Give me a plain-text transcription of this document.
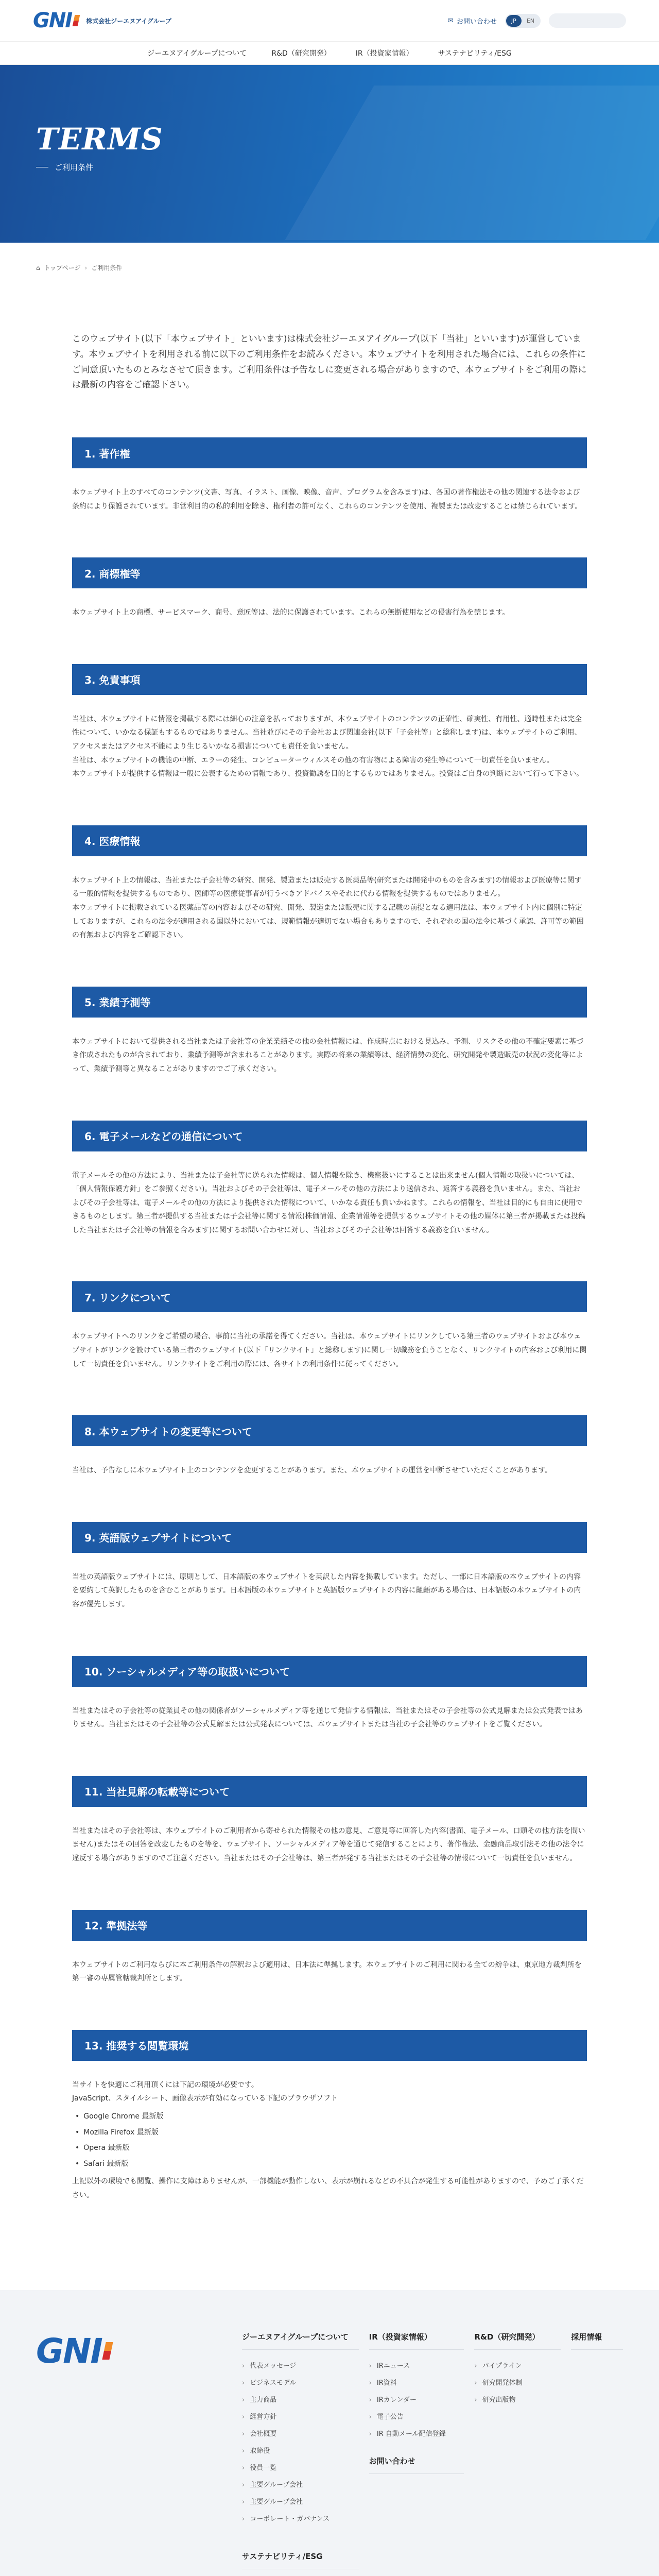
GNI 株式会社ジーエヌアイグループ	✉ お問い合わせ	JP	EN
ジーエヌアイグループについて	R&D（研究開発）	IR（投資家情報）	サステナビリティ/ESG
TERMS
ご利用条件
⌂ トップページ › ご利用条件

このウェブサイト(以下「本ウェブサイト」といいます)は株式会社ジーエヌアイグループ(以下「当社」といいます)が運営しています。本ウェブサイトを利用される前に以下のご利用条件をお読みください。本ウェブサイトを利用された場合には、これらの条件にご同意頂いたものとみなさせて頂きます。ご利用条件は予告なしに変更される場合がありますので、本ウェブサイトをご利用の際には最新の内容をご確認下さい。

1. 著作権

本ウェブサイト上のすべてのコンテンツ(文書、写真、イラスト、画像、映像、音声、プログラムを含みます)は、各国の著作権法その他の関連する法令および条約により保護されています。非営利目的の私的利用を除き、権利者の許可なく、これらのコンテンツを使用、複製または改変することは禁じられています。

2. 商標権等

本ウェブサイト上の商標、サービスマーク、商号、意匠等は、法的に保護されています。これらの無断使用などの侵害行為を禁じます。

3. 免責事項

当社は、本ウェブサイトに情報を掲載する際には細心の注意を払っておりますが、本ウェブサイトのコンテンツの正確性、確実性、有用性、適時性または完全性について、いかなる保証もするものではありません。当社並びにその子会社および関連会社(以下「子会社等」と総称します)は、本ウェブサイトのご利用、アクセスまたはアクセス不能により生じるいかなる損害についても責任を負いません。

当社は、本ウェブサイトの機能の中断、エラーの発生、コンピューターウィルスその他の有害物による障害の発生等について一切責任を負いません。

本ウェブサイトが提供する情報は一般に公表するための情報であり、投資勧誘を目的とするものではありません。投資はご自身の判断において行って下さい。

4. 医療情報

本ウェブサイト上の情報は、当社または子会社等の研究、開発、製造または販売する医薬品等(研究または開発中のものを含みます)の情報および医療等に関する一般的情報を提供するものであり、医師等の医療従事者が行うべきアドバイスやそれに代わる情報を提供するものではありません。

本ウェブサイトに掲載されている医薬品等の内容およびその研究、開発、製造または販売に関する記載の前提となる適用法は、本ウェブサイト内に個別に特定しておりますが、これらの法令が適用される国以外においては、規範情報が適切でない場合もありますので、それぞれの国の法令に基づく承認、許可等の範囲の有無および内容をご確認下さい。

5. 業績予測等

本ウェブサイトにおいて提供される当社または子会社等の企業業績その他の会社情報には、作成時点における見込み、予測、リスクその他の不確定要素に基づき作成されたものが含まれており、業績予測等が含まれることがあります。実際の将来の業績等は、経済情勢の変化、研究開発や製造販売の状況の変化等によって、業績予測等と異なることがありますのでご了承ください。

6. 電子メールなどの通信について

電子メールその他の方法により、当社または子会社等に送られた情報は、個人情報を除き、機密扱いにすることは出来ません(個人情報の取扱いについては、「個人情報保護方針」をご参照ください)。当社およびその子会社等は、電子メールその他の方法により送信され、返答する義務を負いません。また、当社およびその子会社等は、電子メールその他の方法により提供された情報について、いかなる責任も負いかねます。これらの情報を、当社は目的にも自由に使用できるものとします。第三者が提供する当社または子会社等に関する情報(株価情報、企業情報等を提供するウェブサイトその他の媒体に第三者が掲載または投稿した当社または子会社等の情報を含みます)に関するお問い合わせに対し、当社およびその子会社等は回答する義務を負いません。

7. リンクについて

本ウェブサイトへのリンクをご希望の場合、事前に当社の承諾を得てください。当社は、本ウェブサイトにリンクしている第三者のウェブサイトおよび本ウェブサイトがリンクを設けている第三者のウェブサイト(以下「リンクサイト」と総称します)に関し一切職務を負うことなく、リンクサイトの内容および利用に関して一切責任を負いません。リンクサイトをご利用の際には、各サイトの利用条件に従ってください。

8. 本ウェブサイトの変更等について

当社は、予告なしに本ウェブサイト上のコンテンツを変更することがあります。また、本ウェブサイトの運営を中断させていただくことがあります。

9. 英語版ウェブサイトについて

当社の英語版ウェブサイトには、原則として、日本語版の本ウェブサイトを英訳した内容を掲載しています。ただし、一部に日本語版の本ウェブサイトの内容を要約して英訳したものを含むことがあります。日本語版の本ウェブサイトと英語版ウェブサイトの内容に齟齬がある場合は、日本語版の本ウェブサイトの内容が優先します。

10. ソーシャルメディア等の取扱いについて

当社またはその子会社等の従業員その他の関係者がソーシャルメディア等を通じて発信する情報は、当社またはその子会社等の公式見解または公式発表ではありません。当社またはその子会社等の公式見解または公式発表については、本ウェブサイトまたは当社の子会社等のウェブサイトをご覧ください。

11. 当社見解の転載等について

当社またはその子会社等は、本ウェブサイトのご利用者から寄せられた情報その他の意見、ご意見等に回答した内容(書面、電子メール、口頭その他方法を問いません)またはその回答を改変したものを等を、ウェブサイト、ソーシャルメディア等を通じて発信することにより、著作権法、金融商品取引法その他の法令に違反する場合がありますのでご注意ください。当社またはその子会社等は、第三者が発する当社またはその子会社等の情報について一切責任を負いません。

12. 準拠法等

本ウェブサイトのご利用ならびに本ご利用条件の解釈および適用は、日本法に準拠します。本ウェブサイトのご利用に関わる全ての紛争は、東京地方裁判所を第一審の専属管轄裁判所とします。

13. 推奨する閲覧環境

当サイトを快適にご利用頂くには下記の環境が必要です。

JavaScript、スタイルシート、画像表示が有効になっている下記のブラウザソフト

• Google Chrome 最新版
• Mozilla Firefox 最新版
• Opera 最新版
• Safari 最新版

上記以外の環境でも閲覧、操作に支障はありませんが、一部機能が動作しない、表示が崩れるなどの不具合が発生する可能性がありますので、予めご了承ください。

GNI	ジーエヌアイグループについて
› 代表メッセージ
› ビジネスモデル
› 主力商品
› 経営方針
› 会社概要
› 取締役
› 役員一覧
› 主要グループ会社
› 主要グループ会社
› コーポレート・ガバナンス
IR（投資家情報）
› IRニュース
› IR資料
› IRカレンダー
› 電子公告
› IR 自動メール配信登録
お問い合わせ
R&D（研究開発）
› パイプライン
› 研究開発体制
› 研究出版物
採用情報
サステナビリティ/ESG
